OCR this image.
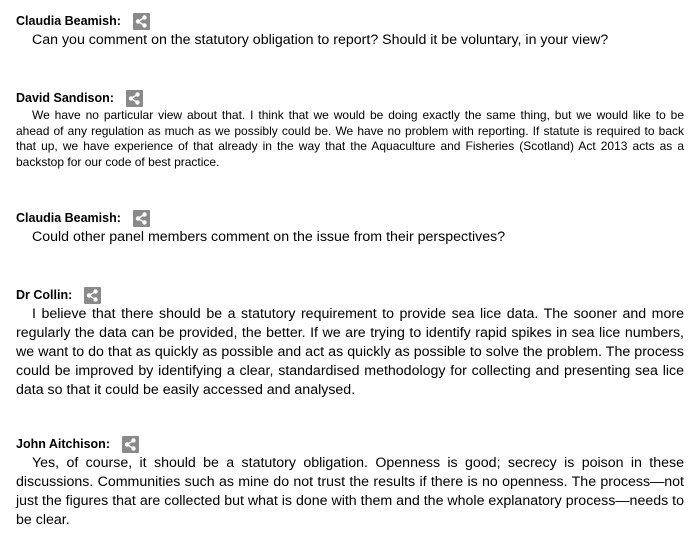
Claudia Beamish:

Can you comment on the statutory obligation to report? Should it be voluntary, in your view?

David Sandison:

We have no particular view about that. I think that we would be doing exactly the same thing, but we would like to be ahead of any regulation as much as we possibly could be. We have no problem with reporting. If statute is required to back that up, we have experience of that already in the way that the Aquaculture and Fisheries (Scotland) Act 2013 acts as a backstop for our code of best practice.

Claudia Beamish:

Could other panel members comment on the issue from their perspectives?

Dr Collin:

I believe that there should be a statutory requirement to provide sea lice data. The sooner and more regularly the data can be provided, the better. If we are trying to identify rapid spikes in sea lice numbers, we want to do that as quickly as possible and act as quickly as possible to solve the problem. The process could be improved by identifying a clear, standardised methodology for collecting and presenting sea lice data so that it could be easily accessed and analysed.

John Aitchison:

Yes, of course, it should be a statutory obligation. Openness is good; secrecy is poison in these discussions. Communities such as mine do not trust the results if there is no openness. The process—not just the figures that are collected but what is done with them and the whole explanatory process—needs to be clear.
